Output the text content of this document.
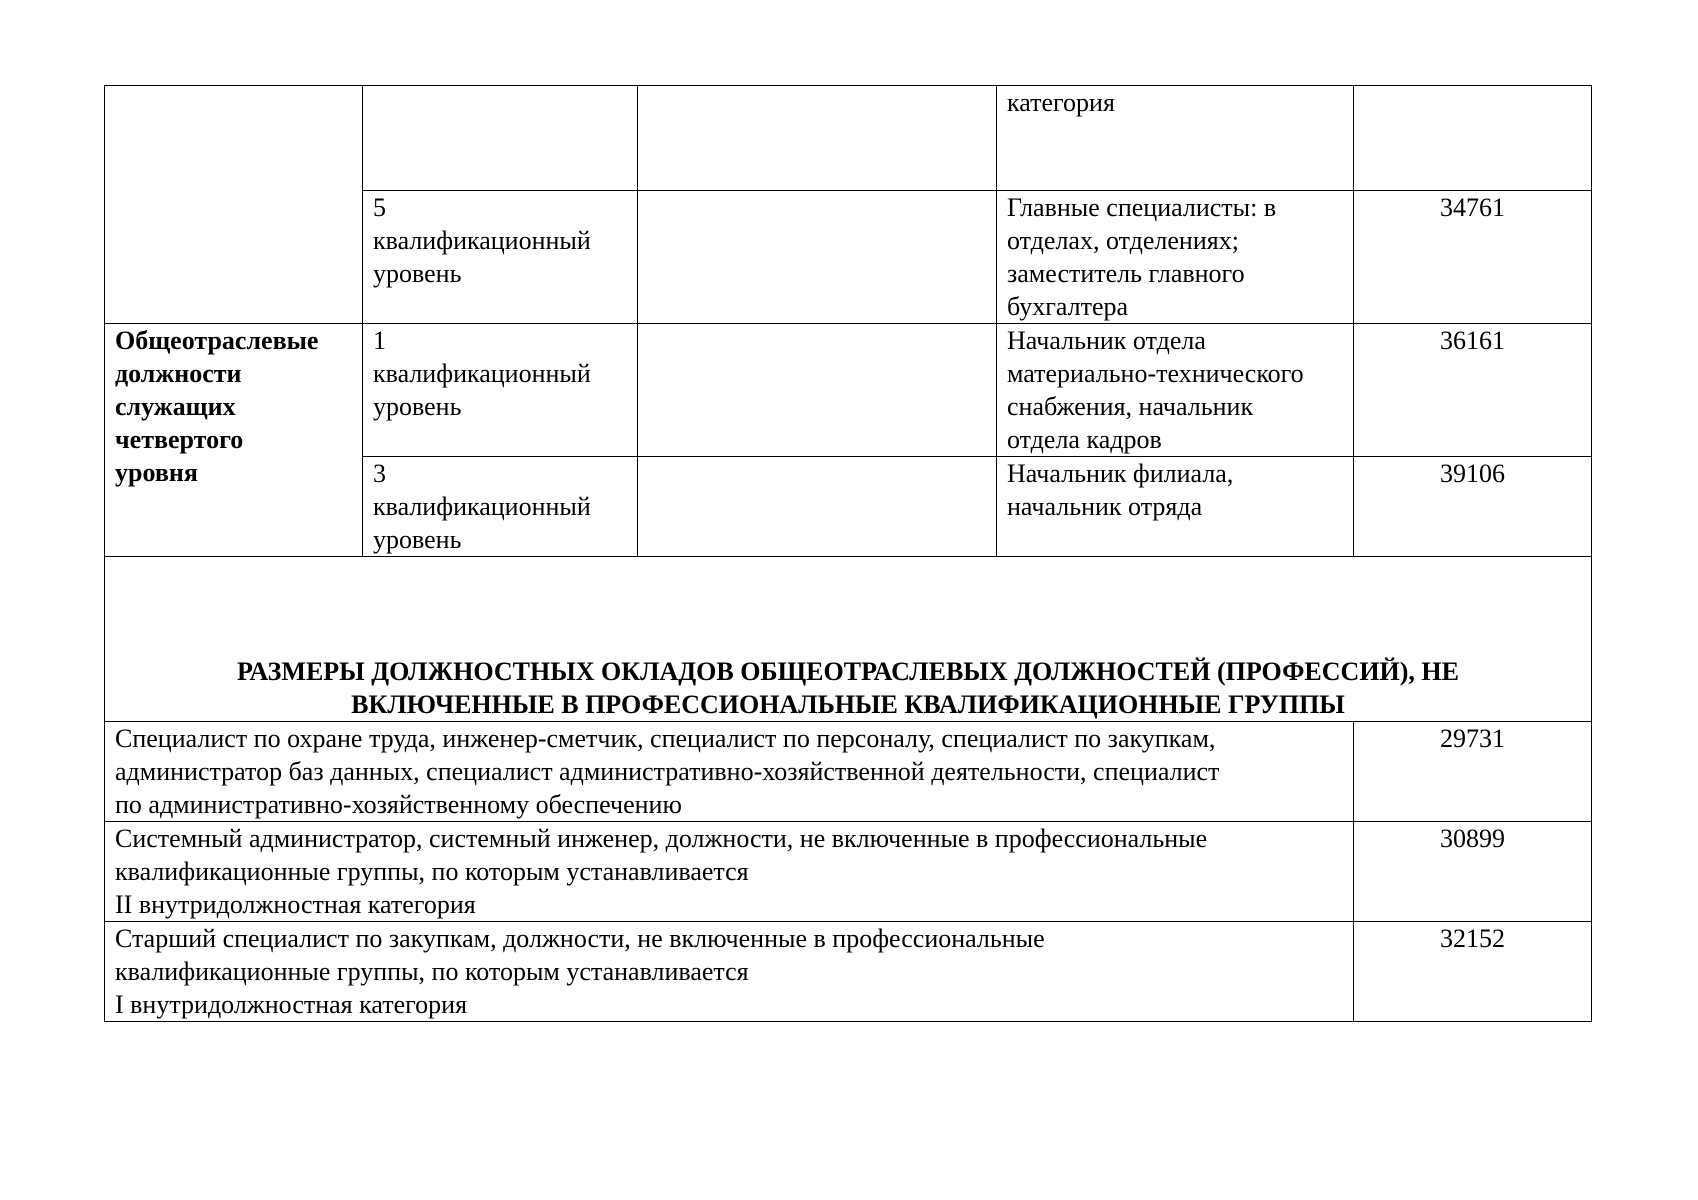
			категория	
	5
квалификационный
уровень		Главные специалисты: в
отделах, отделениях;
заместитель главного
бухгалтера	34761
Общеотраслевые
должности
служащих
четвертого
уровня	1
квалификационный
уровень		Начальник отдела
материально-технического
снабжения, начальник
отдела кадров	36161
	3
квалификационный
уровень		Начальник филиала,
начальник отряда	39106
РАЗМЕРЫ ДОЛЖНОСТНЫХ ОКЛАДОВ ОБЩЕОТРАСЛЕВЫХ ДОЛЖНОСТЕЙ (ПРОФЕССИЙ), НЕ
ВКЛЮЧЕННЫЕ В ПРОФЕССИОНАЛЬНЫЕ КВАЛИФИКАЦИОННЫЕ ГРУППЫ				
Специалист по охране труда, инженер-сметчик, специалист по персоналу, специалист по закупкам,
администратор баз данных, специалист административно-хозяйственной деятельности, специалист
по административно-хозяйственному обеспечению				29731
Системный администратор, системный инженер, должности, не включенные в профессиональные
квалификационные группы, по которым устанавливается
II внутридолжностная категория				30899
Старший специалист по закупкам, должности, не включенные в профессиональные
квалификационные группы, по которым устанавливается
I внутридолжностная категория				32152
